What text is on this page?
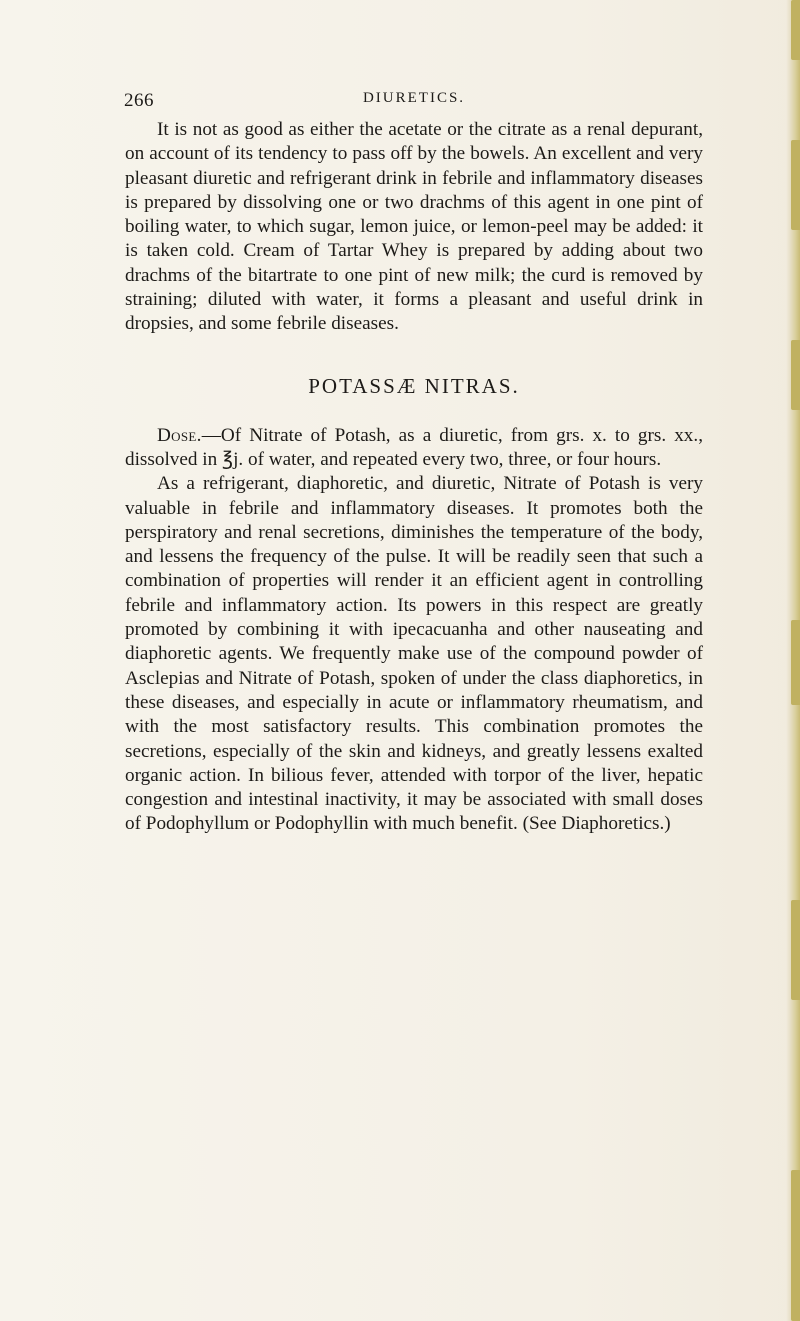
266	DIURETICS.

It is not as good as either the acetate or the citrate as a renal depurant, on account of its tendency to pass off by the bowels. An excellent and very pleasant diuretic and refrigerant drink in febrile and inflammatory diseases is prepared by dissolving one or two drachms of this agent in one pint of boiling water, to which sugar, lemon juice, or lemon-peel may be added: it is taken cold. Cream of Tartar Whey is prepared by adding about two drachms of the bitartrate to one pint of new milk; the curd is removed by straining; diluted with water, it forms a pleasant and useful drink in dropsies, and some febrile diseases.

POTASSÆ NITRAS.

Dose.—Of Nitrate of Potash, as a diuretic, from grs. x. to grs. xx., dissolved in ℥j. of water, and repeated every two, three, or four hours.

As a refrigerant, diaphoretic, and diuretic, Nitrate of Potash is very valuable in febrile and inflammatory diseases. It promotes both the perspiratory and renal secretions, diminishes the temperature of the body, and lessens the frequency of the pulse. It will be readily seen that such a combination of properties will render it an efficient agent in controlling febrile and inflammatory action. Its powers in this respect are greatly promoted by combining it with ipecacuanha and other nauseating and diaphoretic agents. We frequently make use of the compound powder of Asclepias and Nitrate of Potash, spoken of under the class diaphoretics, in these diseases, and especially in acute or inflammatory rheumatism, and with the most satisfactory results. This combination promotes the secretions, especially of the skin and kidneys, and greatly lessens exalted organic action. In bilious fever, attended with torpor of the liver, hepatic congestion and intestinal inactivity, it may be associated with small doses of Podophyllum or Podophyllin with much benefit. (See Diaphoretics.)
